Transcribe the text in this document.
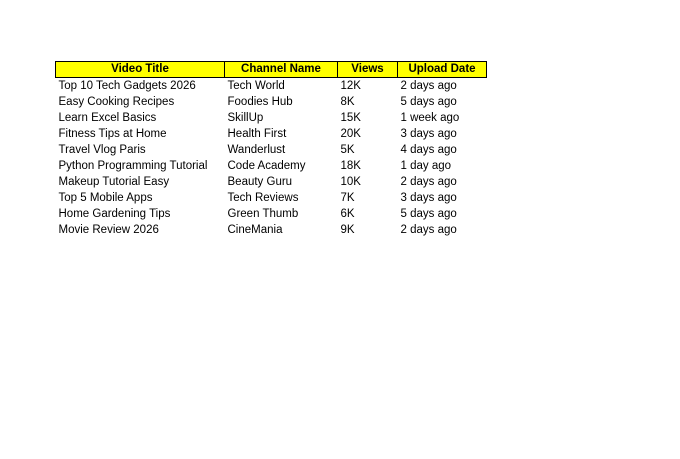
Video Title	Channel Name	Views	Upload Date
Top 10 Tech Gadgets 2026	Tech World	12K	2 days ago
Easy Cooking Recipes	Foodies Hub	8K	5 days ago
Learn Excel Basics	SkillUp	15K	1 week ago
Fitness Tips at Home	Health First	20K	3 days ago
Travel Vlog Paris	Wanderlust	5K	4 days ago
Python Programming Tutorial	Code Academy	18K	1 day ago
Makeup Tutorial Easy	Beauty Guru	10K	2 days ago
Top 5 Mobile Apps	Tech Reviews	7K	3 days ago
Home Gardening Tips	Green Thumb	6K	5 days ago
Movie Review 2026	CineMania	9K	2 days ago
